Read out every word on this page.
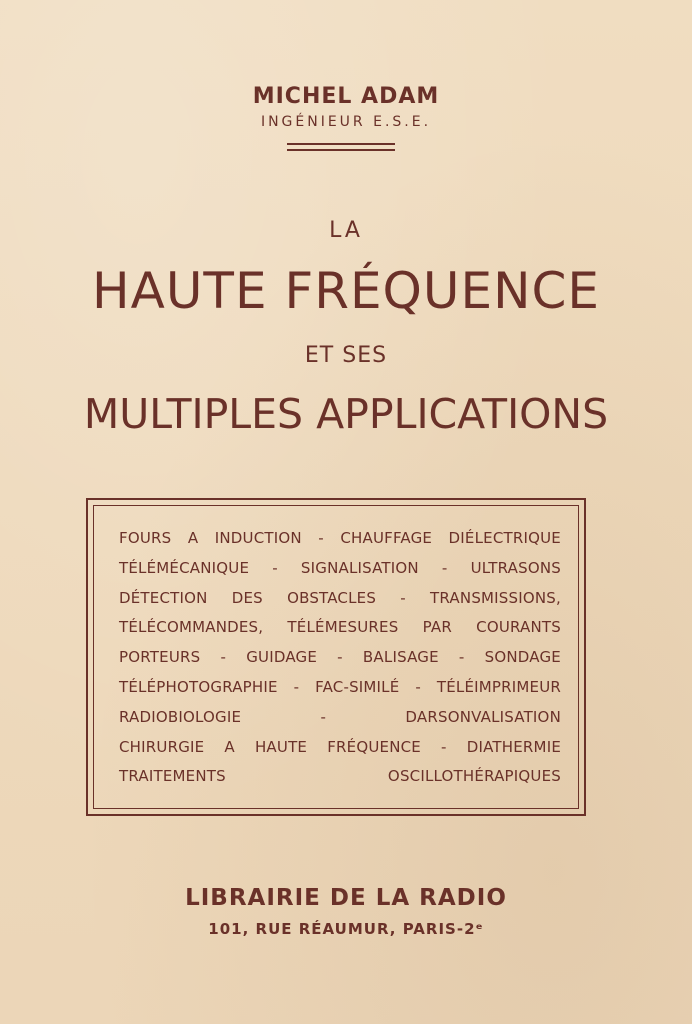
MICHEL ADAM
INGÉNIEUR E.S.E.
LA
HAUTE FRÉQUENCE
ET SES
MULTIPLES APPLICATIONS
FOURS A INDUCTION - CHAUFFAGE DIÉLECTRIQUE
TÉLÉMÉCANIQUE - SIGNALISATION - ULTRASONS
DÉTECTION DES OBSTACLES - TRANSMISSIONS,
TÉLÉCOMMANDES, TÉLÉMESURES PAR COURANTS
PORTEURS - GUIDAGE - BALISAGE - SONDAGE
TÉLÉPHOTOGRAPHIE - FAC-SIMILÉ - TÉLÉIMPRIMEUR
RADIOBIOLOGIE - DARSONVALISATION
CHIRURGIE A HAUTE FRÉQUENCE - DIATHERMIE
TRAITEMENTS OSCILLOTHÉRAPIQUES
LIBRAIRIE DE LA RADIO
101, RUE RÉAUMUR, PARIS-2ᵉ
